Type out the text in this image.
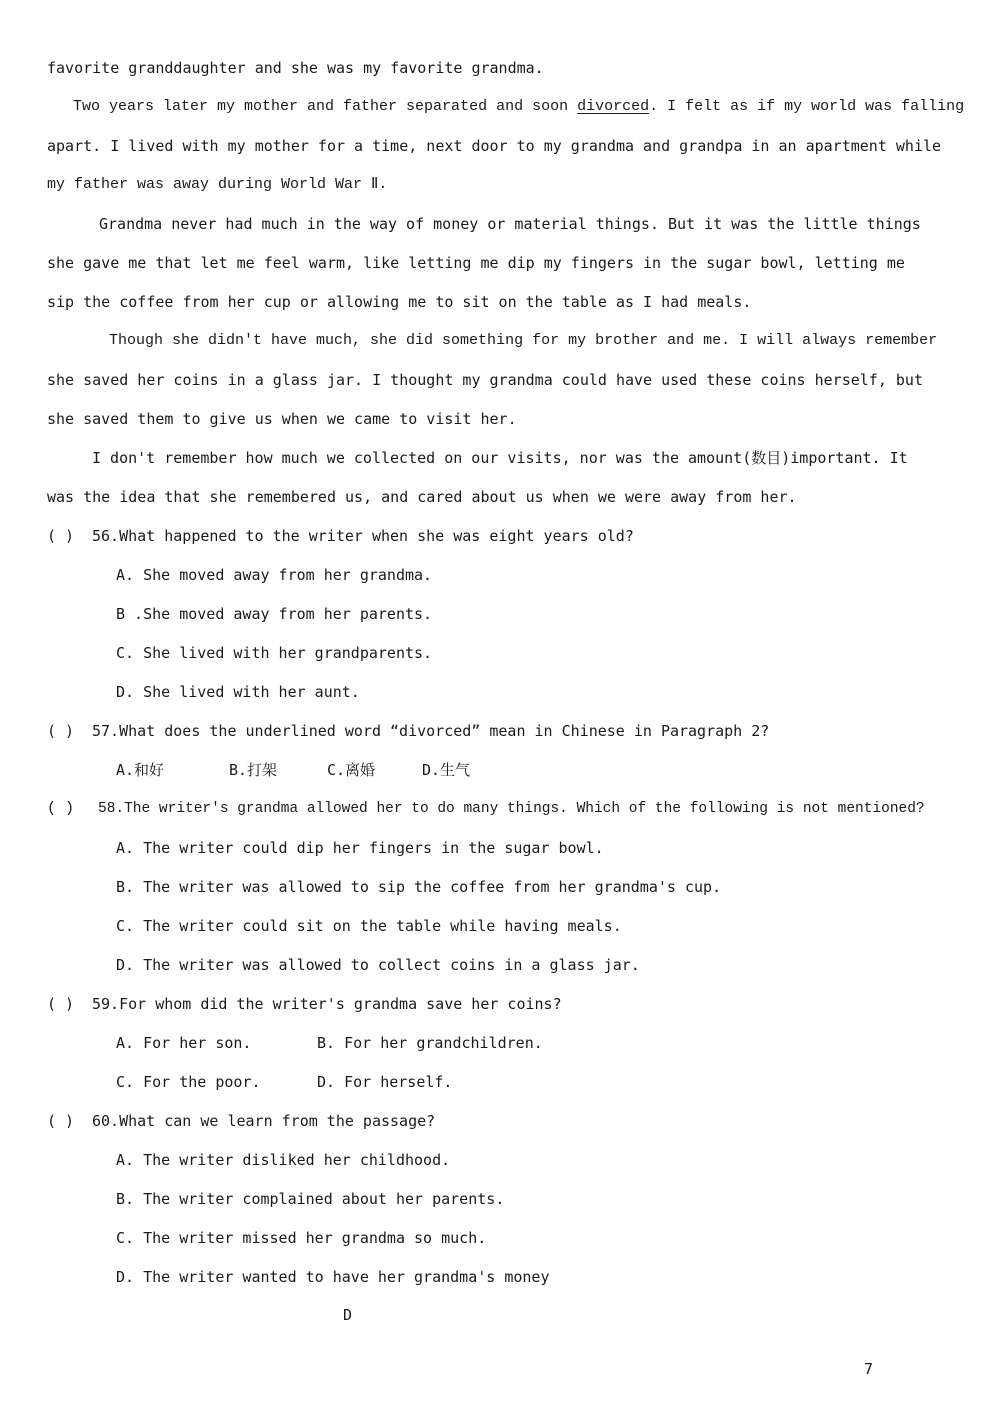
favorite granddaughter and she was my favorite grandma.
Two years later my mother and father separated and soon divorced. I felt as if my world was falling
apart. I lived with my mother for a time, next door to my grandma and grandpa in an apartment while
my father was away during World War Ⅱ.
Grandma never had much in the way of money or material things. But it was the little things
she gave me that let me feel warm, like letting me dip my fingers in the sugar bowl, letting me
sip the coffee from her cup or allowing me to sit on the table as I had meals.
Though she didn't have much, she did something for my brother and me. I will always remember
she saved her coins in a glass jar. I thought my grandma could have used these coins herself, but
she saved them to give us when we came to visit her.
I don't remember how much we collected on our visits, nor was the amount(数目)important. It
was the idea that she remembered us, and cared about us when we were away from her.
( ) 56.What happened to the writer when she was eight years old?
A. She moved away from her grandma.
B .She moved away from her parents.
C. She lived with her grandparents.
D. She lived with her aunt.
( ) 57.What does the underlined word “divorced” mean in Chinese in Paragraph 2?
A.和好	B.打架	C.离婚	D.生气
( ) 58.The writer's grandma allowed her to do many things. Which of the following is not mentioned?
A. The writer could dip her fingers in the sugar bowl.
B. The writer was allowed to sip the coffee from her grandma's cup.
C. The writer could sit on the table while having meals.
D. The writer was allowed to collect coins in a glass jar.
( ) 59.For whom did the writer's grandma save her coins?
A. For her son.	B. For her grandchildren.
C. For the poor.	D. For herself.
( ) 60.What can we learn from the passage?
A. The writer disliked her childhood.
B. The writer complained about her parents.
C. The writer missed her grandma so much.
D. The writer wanted to have her grandma's money
D
7
